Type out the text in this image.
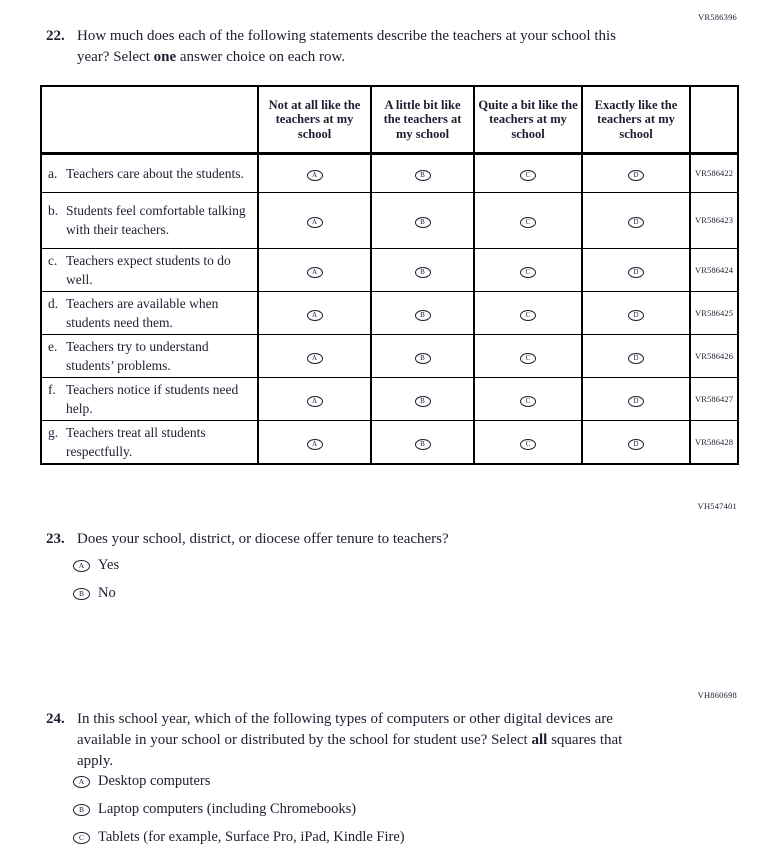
VR586396
22. How much does each of the following statements describe the teachers at your school this year? Select one answer choice on each row.
	Not at all like the teachers at my school	A little bit like the teachers at my school	Quite a bit like the teachers at my school	Exactly like the teachers at my school	

a. Teachers care about the students.	A	B	C	D	VR586422

b. Students feel comfortable talking with their teachers.	A	B	C	D	VR586423

c. Teachers expect students to do well.	A	B	C	D	VR586424

d. Teachers are available when students need them.	A	B	C	D	VR586425

e. Teachers try to understand students’ problems.	A	B	C	D	VR586426

f. Teachers notice if students need help.	A	B	C	D	VR586427

g. Teachers treat all students respectfully.	A	B	C	D	VR586428
VH547401
23. Does your school, district, or diocese offer tenure to teachers?
A Yes
B No
VH860698
24. In this school year, which of the following types of computers or other digital devices are available in your school or distributed by the school for student use? Select all squares that apply.
A Desktop computers
B Laptop computers (including Chromebooks)
C Tablets (for example, Surface Pro, iPad, Kindle Fire)
